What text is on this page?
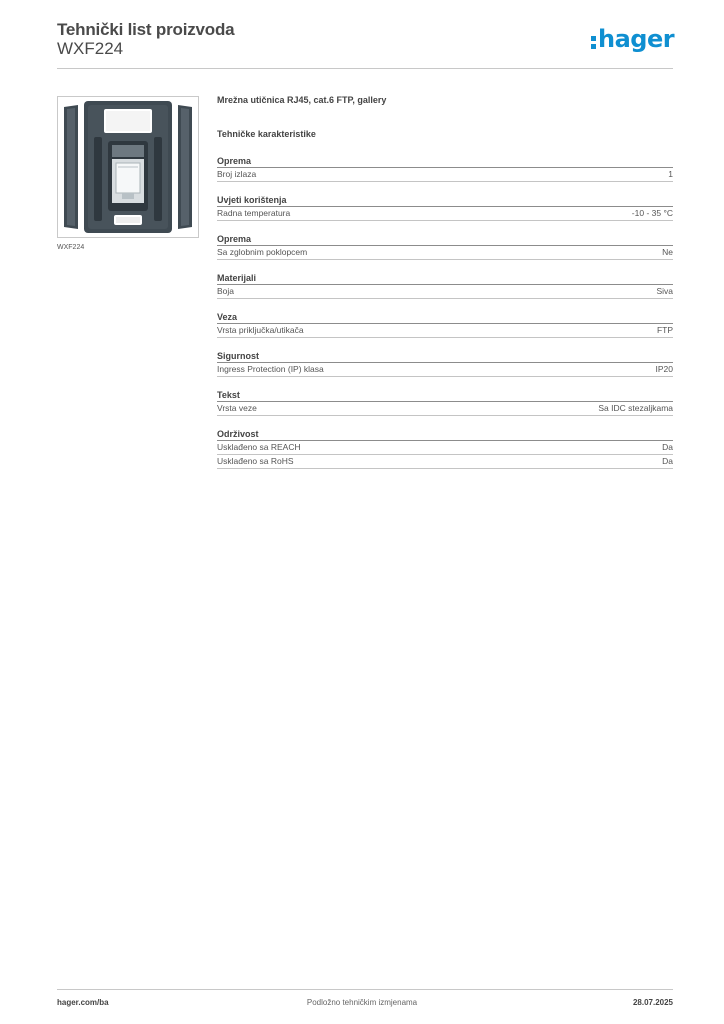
Tehnički list proizvoda
WXF224	hager
WXF224
Mrežna utičnica RJ45, cat.6 FTP, gallery
Tehničke karakteristike
Oprema
Broj izlaza	1
Uvjeti korištenja
Radna temperatura	-10 - 35 °C
Oprema
Sa zglobnim poklopcem	Ne
Materijali
Boja	Siva
Veza
Vrsta priključka/utikača	FTP
Sigurnost
Ingress Protection (IP) klasa	IP20
Tekst
Vrsta veze	Sa IDC stezaljkama
Održivost
Usklađeno sa REACH	Da
Usklađeno sa RoHS	Da
hager.com/ba	Podložno tehničkim izmjenama	28.07.2025
